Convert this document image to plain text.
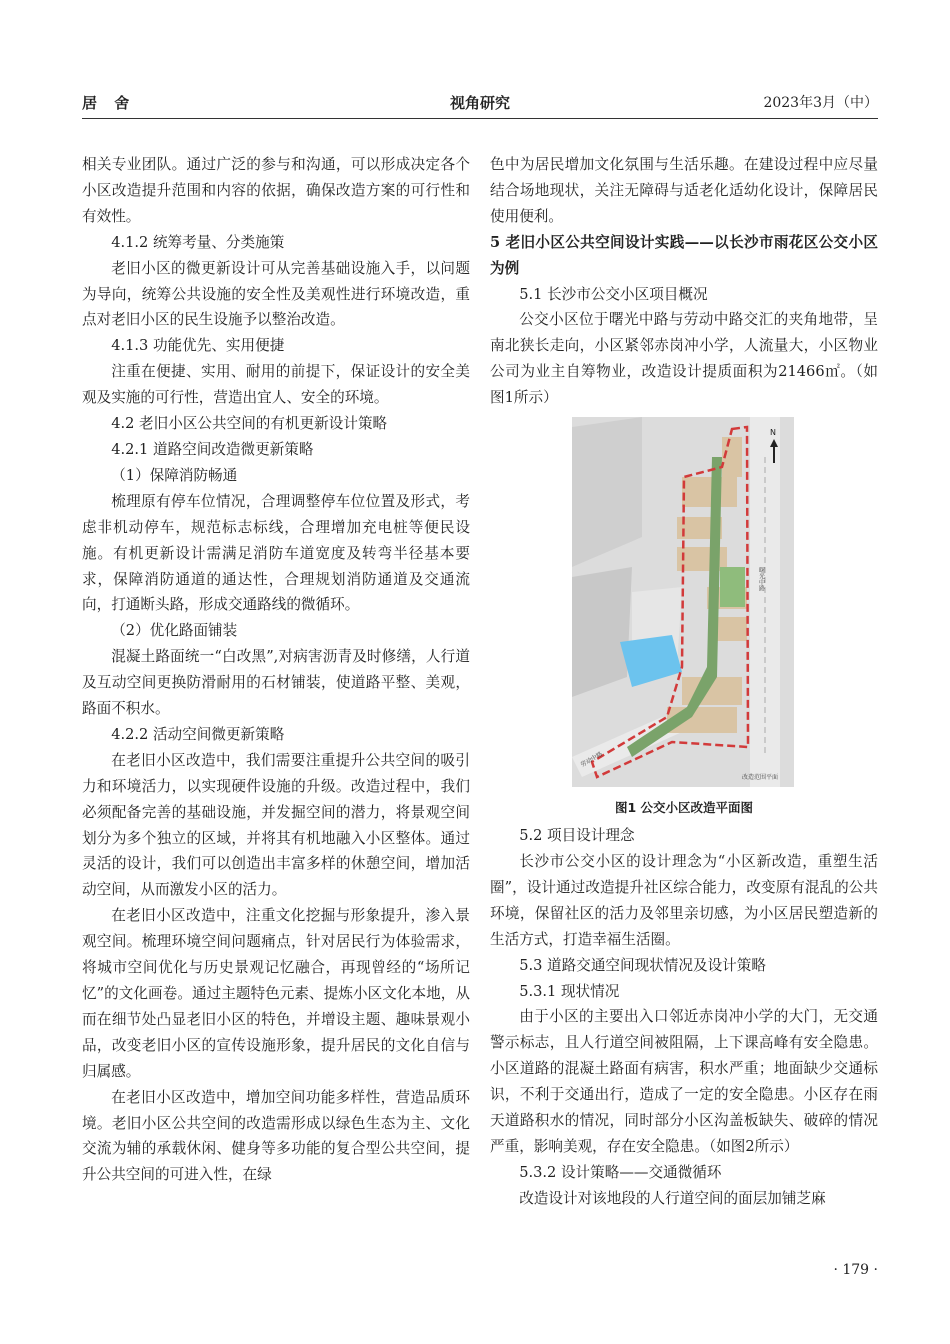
居 舍	视角研究	2023年3月（中）

相关专业团队。通过广泛的参与和沟通，可以形成决定各个小区改造提升范围和内容的依据，确保改造方案的可行性和有效性。

4.1.2 统筹考量、分类施策

老旧小区的微更新设计可从完善基础设施入手，以问题为导向，统筹公共设施的安全性及美观性进行环境改造，重点对老旧小区的民生设施予以整治改造。

4.1.3 功能优先、实用便捷

注重在便捷、实用、耐用的前提下，保证设计的安全美观及实施的可行性，营造出宜人、安全的环境。

4.2 老旧小区公共空间的有机更新设计策略

4.2.1 道路空间改造微更新策略

（1）保障消防畅通

梳理原有停车位情况，合理调整停车位位置及形式，考虑非机动停车，规范标志标线，合理增加充电桩等便民设施。有机更新设计需满足消防车道宽度及转弯半径基本要求，保障消防通道的通达性，合理规划消防通道及交通流向，打通断头路，形成交通路线的微循环。

（2）优化路面铺装

混凝土路面统一“白改黑”,对病害沥青及时修缮，人行道及互动空间更换防滑耐用的石材铺装，使道路平整、美观，路面不积水。

4.2.2 活动空间微更新策略

在老旧小区改造中，我们需要注重提升公共空间的吸引力和环境活力，以实现硬件设施的升级。改造过程中，我们必须配备完善的基础设施，并发掘空间的潜力，将景观空间划分为多个独立的区域，并将其有机地融入小区整体。通过灵活的设计，我们可以创造出丰富多样的休憩空间，增加活动空间，从而激发小区的活力。

在老旧小区改造中，注重文化挖掘与形象提升，渗入景观空间。梳理环境空间问题痛点，针对居民行为体验需求，将城市空间优化与历史景观记忆融合，再现曾经的“场所记忆”的文化画卷。通过主题特色元素、提炼小区文化本地，从而在细节处凸显老旧小区的特色，并增设主题、趣味景观小品，改变老旧小区的宣传设施形象，提升居民的文化自信与归属感。

在老旧小区改造中，增加空间功能多样性，营造品质环境。老旧小区公共空间的改造需形成以绿色生态为主、文化交流为辅的承载休闲、健身等多功能的复合型公共空间，提升公共空间的可进入性，在绿

色中为居民增加文化氛围与生活乐趣。在建设过程中应尽量结合场地现状，关注无障碍与适老化适幼化设计，保障居民使用便利。

5 老旧小区公共空间设计实践——以长沙市雨花区公交小区为例

5.1 长沙市公交小区项目概况

公交小区位于曙光中路与劳动中路交汇的夹角地带，呈南北狭长走向，小区紧邻赤岗冲小学，人流量大，小区物业公司为业主自筹物业，改造设计提质面积为21466㎡。（如图1所示）

N
曙光中路
劳动中路
改造范围平面
图1 公交小区改造平面图

5.2 项目设计理念

长沙市公交小区的设计理念为“小区新改造，重塑生活圈”，设计通过改造提升社区综合能力，改变原有混乱的公共环境，保留社区的活力及邻里亲切感，为小区居民塑造新的生活方式，打造幸福生活圈。

5.3 道路交通空间现状情况及设计策略

5.3.1 现状情况

由于小区的主要出入口邻近赤岗冲小学的大门，无交通警示标志，且人行道空间被阻隔，上下课高峰有安全隐患。小区道路的混凝土路面有病害，积水严重；地面缺少交通标识，不利于交通出行，造成了一定的安全隐患。小区存在雨天道路积水的情况，同时部分小区沟盖板缺失、破碎的情况严重，影响美观，存在安全隐患。（如图2所示）

5.3.2 设计策略——交通微循环

改造设计对该地段的人行道空间的面层加铺芝麻

· 179 ·
